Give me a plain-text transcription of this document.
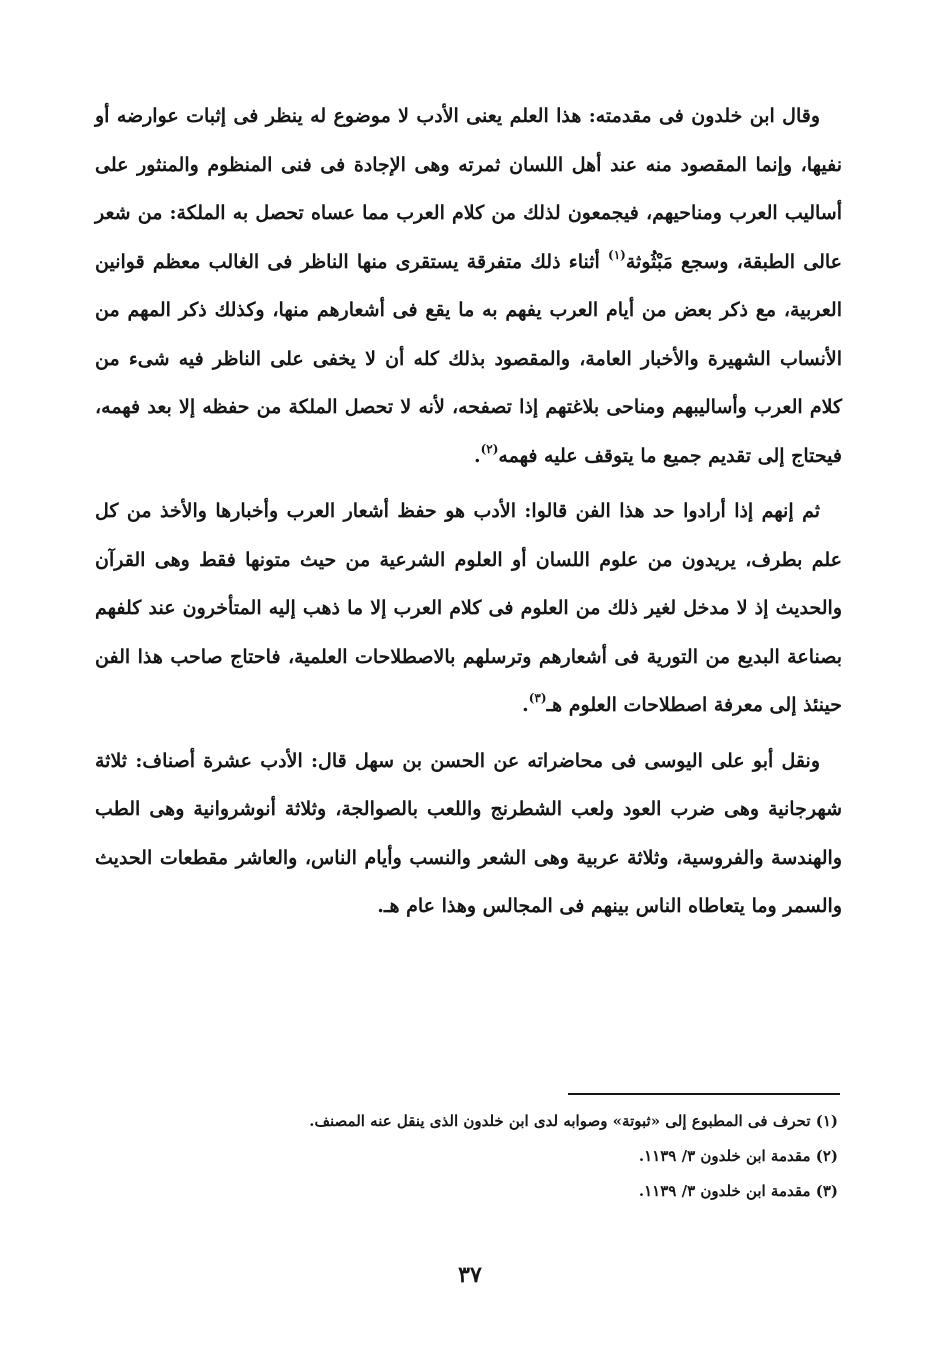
وقال ابن خلدون فى مقدمته: هذا العلم يعنى الأدب لا موضوع له ينظر فى إثبات عوارضه أو نفيها، وإنما المقصود منه عند أهل اللسان ثمرته وهى الإجادة فى فنى المنظوم والمنثور على أساليب العرب ومناحيهم، فيجمعون لذلك من كلام العرب مما عساه تحصل به الملكة: من شعر عالى الطبقة، وسجع مَبْثُوثة$^{(١)}$ أثناء ذلك متفرقة يستقرى منها الناظر فى الغالب معظم قوانين العربية، مع ذكر بعض من أيام العرب يفهم به ما يقع فى أشعارهم منها، وكذلك ذكر المهم من الأنساب الشهيرة والأخبار العامة، والمقصود بذلك كله أن لا يخفى على الناظر فيه شىء من كلام العرب وأساليبهم ومناحى بلاغتهم إذا تصفحه، لأنه لا تحصل الملكة من حفظه إلا بعد فهمه، فيحتاج إلى تقديم جميع ما يتوقف عليه فهمه$^{(٢)}$.

ثم إنهم إذا أرادوا حد هذا الفن قالوا: الأدب هو حفظ أشعار العرب وأخبارها والأخذ من كل علم بطرف، يريدون من علوم اللسان أو العلوم الشرعية من حيث متونها فقط وهى القرآن والحديث إذ لا مدخل لغير ذلك من العلوم فى كلام العرب إلا ما ذهب إليه المتأخرون عند كلفهم بصناعة البديع من التورية فى أشعارهم وترسلهم بالاصطلاحات العلمية، فاحتاج صاحب هذا الفن حينئذ إلى معرفة اصطلاحات العلوم هـ$^{(٣)}$.

ونقل أبو على اليوسى فى محاضراته عن الحسن بن سهل قال: الأدب عشرة أصناف: ثلاثة شهرجانية وهى ضرب العود ولعب الشطرنج واللعب بالصوالجة، وثلاثة أنوشروانية وهى الطب والهندسة والفروسية، وثلاثة عربية وهى الشعر والنسب وأيام الناس، والعاشر مقطعات الحديث والسمر وما يتعاطاه الناس بينهم فى المجالس وهذا عام هـ.

(١) تحرف فى المطبوع إلى «ثبوتة» وصوابه لدى ابن خلدون الذى ينقل عنه المصنف.
(٢) مقدمة ابن خلدون ٣/ ١١٣٩.
(٣) مقدمة ابن خلدون ٣/ ١١٣٩.
٣٧
